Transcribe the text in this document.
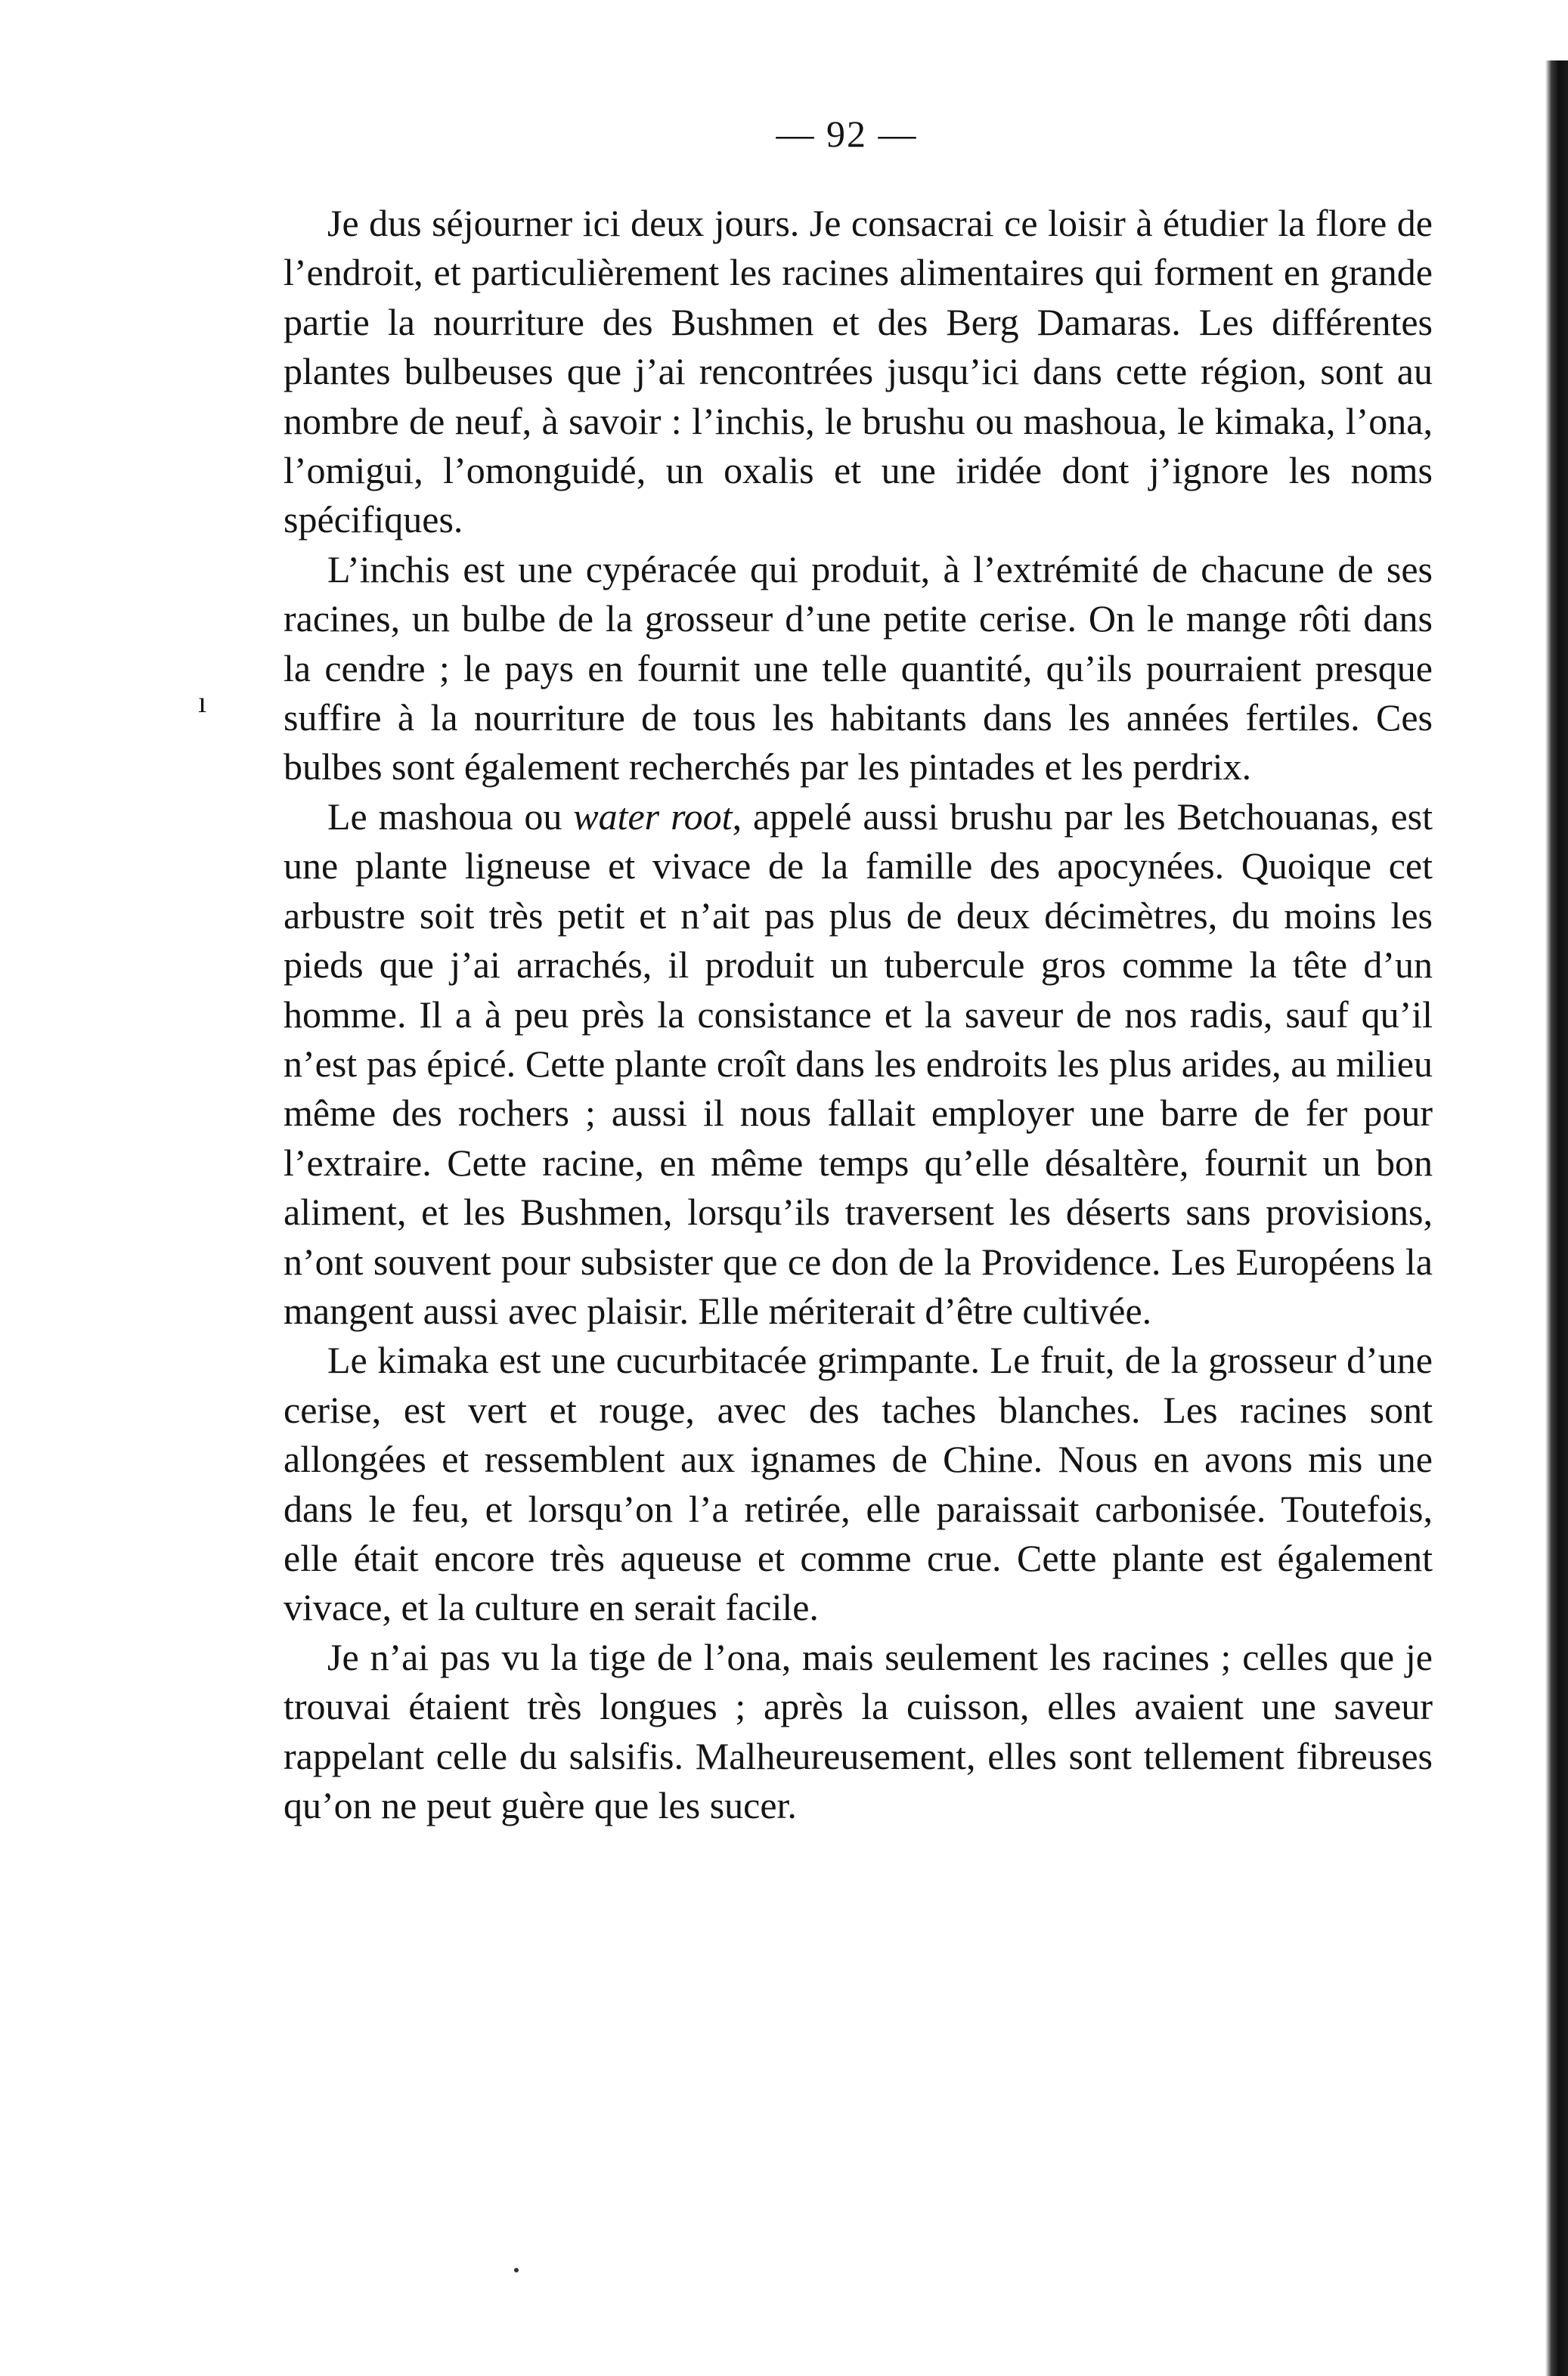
— 92 —
ı

Je dus séjourner ici deux jours. Je consacrai ce loisir à étudier la flore de l’endroit, et particulièrement les racines alimentaires qui forment en grande partie la nourriture des Bushmen et des Berg Damaras. Les différentes plantes bulbeuses que j’ai rencontrées jusqu’ici dans cette région, sont au nombre de neuf, à savoir : l’inchis, le brushu ou mashoua, le kimaka, l’ona, l’omigui, l’omonguidé, un oxalis et une iridée dont j’ignore les noms spécifiques.

L’inchis est une cypéracée qui produit, à l’extrémité de chacune de ses racines, un bulbe de la grosseur d’une petite cerise. On le mange rôti dans la cendre ; le pays en fournit une telle quantité, qu’ils pourraient presque suffire à la nourriture de tous les habitants dans les années fertiles. Ces bulbes sont également recherchés par les pintades et les perdrix.

Le mashoua ou water root, appelé aussi brushu par les Betchouanas, est une plante ligneuse et vivace de la famille des apocynées. Quoique cet arbustre soit très petit et n’ait pas plus de deux décimètres, du moins les pieds que j’ai arrachés, il produit un tubercule gros comme la tête d’un homme. Il a à peu près la consistance et la saveur de nos radis, sauf qu’il n’est pas épicé. Cette plante croît dans les endroits les plus arides, au milieu même des rochers ; aussi il nous fallait employer une barre de fer pour l’extraire. Cette racine, en même temps qu’elle désaltère, fournit un bon aliment, et les Bushmen, lorsqu’ils traversent les déserts sans provisions, n’ont souvent pour subsister que ce don de la Providence. Les Européens la mangent aussi avec plaisir. Elle mériterait d’être cultivée.

Le kimaka est une cucurbitacée grimpante. Le fruit, de la grosseur d’une cerise, est vert et rouge, avec des taches blanches. Les racines sont allongées et ressemblent aux ignames de Chine. Nous en avons mis une dans le feu, et lorsqu’on l’a retirée, elle paraissait carbonisée. Toutefois, elle était encore très aqueuse et comme crue. Cette plante est également vivace, et la culture en serait facile.

Je n’ai pas vu la tige de l’ona, mais seulement les racines ; celles que je trouvai étaient très longues ; après la cuisson, elles avaient une saveur rappelant celle du salsifis. Malheureusement, elles sont tellement fibreuses qu’on ne peut guère que les sucer.
